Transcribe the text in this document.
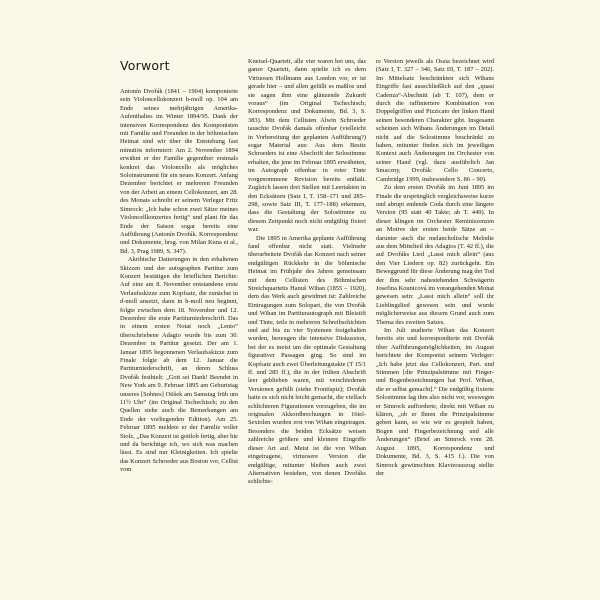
Vorwort

Antonín Dvořák (1841 – 1904) komponierte sein Violoncellokonzert h-moll op. 104 am Ende seines mehrjährigen Amerika-Aufenthaltes im Winter 1894/95. Dank der intensiven Korrespondenz des Komponisten mit Familie und Freunden in der böhmischen Heimat sind wir über die Entstehung fast minutiös informiert: Am 2. November 1894 erwähnt er der Familie gegenüber erstmals konkret das Violoncello als mögliches Soloinstrument für ein neues Konzert. Anfang Dezember berichtet er mehreren Freunden von der Arbeit an einem Cellokonzert, am 28. des Monats schreibt er seinem Verleger Fritz Simrock: „Ich habe schon zwei Sätze meines Violoncellkonzertes fertig“ und plant für das Ende der Saison sogar bereits eine Aufführung (Antonín Dvořák. Korrespondenz und Dokumente, hrsg. von Milan Kuna et al., Bd. 3, Prag 1989, S. 347).

Akribische Datierungen in den erhaltenen Skizzen und der autographen Partitur zum Konzert bestätigen die brieflichen Berichte: Auf eine am 8. November entstandene erste Verlaufsskizze zum Kopfsatz, die zunächst in d-moll ansetzt, dann in h-moll neu beginnt, folgte zwischen dem 18. November und 12. Dezember die erste Partiturniederschrift. Das in einem ersten Notat noch „Lento“ überschriebene Adagio wurde bis zum 30. Dezember in Partitur gesetzt. Der am 1. Januar 1895 begonnenen Verlaufsskizze zum Finale folgte ab dem 12. Januar die Partiturniederschrift, an deren Schluss Dvořák festhielt: „Gott sei Dank! Beendet in New York am 9. Februar 1895 am Geburtstag unseres [Sohnes] Otišek am Samstag früh um 11½ Uhr“ (im Original Tschechisch; zu den Quellen siehe auch die Bemerkungen am Ende der vorliegenden Edition). Am 25. Februar 1895 meldete er der Familie voller Stolz, „Das Konzert ist gottlob fertig, aber hie und da berichtige ich, wo sich was machen lässt. Es sind nur Kleinigkeiten. Ich spielte das Konzert Schroeder aus Boston vor, Cellist vom

Kneisel-Quartett, alle vier waren bei uns, das ganze Quartett, dann spielte ich es dem Virtuosen Hollmann aus London vor, er ist gerade hier – und allen gefällt es maßlos und sie sagen ihm eine glänzende Zukunft voraus“ (im Original Tschechisch; Korrespondenz und Dokumente, Bd. 3, S. 383). Mit dem Cellisten Alwin Schroeder tauschte Dvořák damals offenbar (vielleicht in Vorbereitung der geplanten Aufführung?) sogar Material aus: Aus dem Besitz Schroeders ist eine Abschrift der Solostimme erhalten, die jene im Februar 1895 erwähnten, im Autograph offenbar in roter Tinte vorgenommene Revision bereits enthält. Zugleich lassen drei Stellen mit Leertakten in den Ecksätzen (Satz I, T. 158–171 und 285–298, sowie Satz III, T. 177–188) erkennen, dass die Gestaltung der Solostimme zu diesem Zeitpunkt noch nicht endgültig fixiert war.

Die 1895 in Amerika geplante Aufführung fand offenbar nicht statt. Vielmehr überarbeitete Dvořák das Konzert nach seiner endgültigen Rückkehr in die böhmische Heimat im Frühjahr des Jahres gemeinsam mit dem Cellisten des Böhmischen Streichquartetts Hanuš Wihan (1855 – 1920), dem das Werk auch gewidmet ist: Zahlreiche Eintragungen zum Solopart, die von Dvořák und Wihan im Partiturautograph mit Bleistift und Tinte, teils in mehreren Schreibschichten und auf bis zu vier Systemen festgehalten wurden, bezeugen die intensive Diskussion, bei der es meist um die optimale Gestaltung figurativer Passagen ging. So sind im Kopfsatz auch zwei Überleitungstakte (T 15/1 ff. und 285 ff.), die in der frühen Abschrift leer geblieben waren, mit verschiedenen Versionen gefüllt (siehe Frontispiz); Dvořák hatte es sich nicht leicht gemacht, die vielfach schlichteren Figurationen vorzugeben, die im originalen Akkordbrechungen in 16tel-Sextolen wurden erst von Wihan eingetragen. Besonders die beiden Ecksätze weisen zahlreiche größere und kleinere Eingriffe dieser Art auf. Meist ist die von Wihan eingetragene, virtuosere Version die endgültige, mitunter bleiben auch zwei Alternativen bestehen, von denen Dvořáks schlichte-

re Version jeweils als Ossia bezeichnet wird (Satz I, T. 327 – 346, Satz III, T. 187 – 202). Im Mittelsatz beschränkten sich Wihans Eingriffe fast ausschließlich auf den „quasi Cadenza“-Abschnitt (ab T. 107), dem er durch die raffiniertere Kombination von Doppelgriffen und Pizzicato der linken Hand seinen besonderen Charakter gibt. Insgesamt scheinen sich Wihans Änderungen im Detail nicht auf die Solostimme beschränkt zu haben, mitunter finden sich im jeweiligen Kontext auch Änderungen im Orchester von seiner Hand (vgl. dazu ausführlich Jan Smaczny, Dvořák: Cello Concerto, Cambridge 1999, insbesondere S. 86 – 90).

Zu dem ersten Dvořák im Juni 1895 im Finale die ursprünglich vergleichsweise kurze und abrupt endende Coda durch eine längere Version (95 statt 40 Takte; ab T. 449). In dieser klingen im Orchester Reminiszenzen an Motive der ersten beide Sätze an – darunter auch die melancholische Melodie aus dem Mittelteil des Adagios (T. 42 ff.), die auf Dvořáks Lied „Lasst mich allein“ (aus den Vier Liedern op. 82) zurückgeht. Ein Beweggrund für diese Änderung mag der Tod der ihm sehr nahestehenden Schwägerin Josefina Kounicová im vorangehenden Monat gewesen sein: „Lasst mich allein“ soll ihr Lieblingslied gewesen sein und wurde möglicherweise aus diesem Grund auch zum Thema des zweiten Satzes.

Im Juli studierte Wihan das Konzert bereits ein und korrespondierte mit Dvořák über Aufführungsmöglichkeiten, im August berichtete der Komponist seinem Verleger: „Ich habe jetzt das Cellokonzert, Part. und Stimmen [die Prinzipalstimme mit Finger- und Bogenbezeichnungen hat Prof. Wihan, die er selbst gemacht].“ Die endgültig fixierte Solostimme lag ihm also nicht vor, weswegen er Simrock aufforderte, direkt mit Wihan zu klären, „ob er Ihnen die Prinzipalstimme geben kann, so wie wir es gespielt haben, Bogen und Fingerbezeichnung und alle Änderungen“ (Brief an Simrock vom 28. August 1895, Korrespondenz und Dokumente, Bd. 3, S. 415 f.). Die von Simrock gewünschten Klavierauszug stellte der
